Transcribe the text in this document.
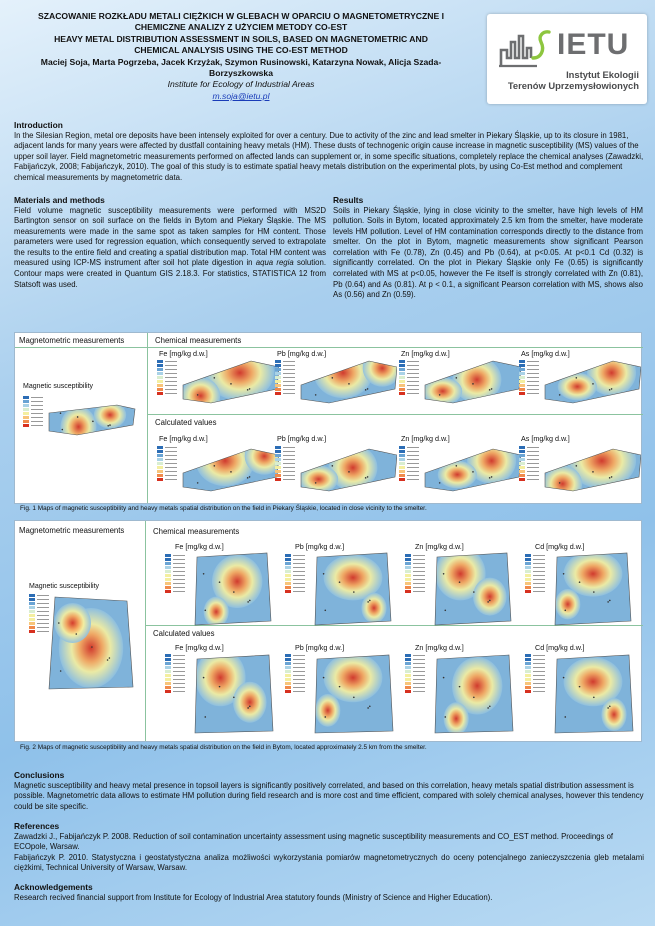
SZACOWANIE ROZKŁADU METALI CIĘŻKICH W GLEBACH W OPARCIU O MAGNETOMETRYCZNE I
CHEMICZNE ANALIZY Z UŻYCIEM METODY CO-EST
HEAVY METAL DISTRIBUTION ASSESSMENT IN SOILS, BASED ON MAGNETOMETRIC AND
CHEMICAL ANALYSIS USING THE CO-EST METHOD
Maciej Soja, Marta Pogrzeba, Jacek Krzyżak, Szymon Rusinowski, Katarzyna Nowak, Alicja Szada-
Borzyszkowska
Institute for Ecology of Industrial Areas
m.soja@ietu.pl
IETU
Instytut Ekologii
Terenów Uprzemysłowionych
Introduction
In the Silesian Region, metal ore deposits have been intensely exploited for over a century. Due to activity of the zinc and lead smelter in Piekary Śląskie, up to its closure in 1981, adjacent lands for many years were affected by dustfall containing heavy metals (HM). These dusts of technogenic origin cause increase in magnetic susceptibility (MS) values of the upper soil layer. Field magnetometric measurements performed on affected lands can supplement or, in some specific situations, completely replace the chemical analyses (Zawadzki, Fabijańczyk, 2008; Fabijańczyk, 2010). The goal of this study is to estimate spatial heavy metals distribution on the experimental plots, by using Co-Est method and complement chemical measurements by magnetometric data.
Materials and methods
Field volume magnetic susceptibility measurements were performed with MS2D Bartington sensor on soil surface on the fields in Bytom and Piekary Śląskie. The MS measurements were made in the same spot as taken samples for HM content. Those parameters were used for regression equation, which consequently served to extrapolate the results to the entire field and creating a spatial distribution map. Total HM content was measured using ICP-MS instrument after soil hot plate digestion in aqua regia solution. Contour maps were created in Quantum GIS 2.18.3. For statistics, STATISTICA 12 from Statsoft was used.
Results
Soils in Piekary Śląskie, lying in close vicinity to the smelter, have high levels of HM pollution. Soils in Bytom, located approximately 2.5 km from the smelter, have moderate levels HM pollution. Level of HM contamination corresponds directly to the distance from smelter. On the plot in Bytom, magnetic measurements show significant Pearson correlation with Fe (0.78), Zn (0.45) and Pb (0.64), at p<0.05. At p<0.1 Cd (0.32) is significantly correlated. On the plot in Piekary Śląskie only Fe (0.65) is significantly correlated with MS at p<0.05, however the Fe itself is strongly correlated with Zn (0.81), Pb (0.64) and As (0.81). At p < 0.1, a significant Pearson correlation with MS, shows also As (0.56) and Zn (0.59).
Magnetometric measurements	Chemical measurements
Calculated values
Magnetic susceptibility
Fe [mg/kg d.w.]
Fe [mg/kg d.w.]
Pb [mg/kg d.w.]
Pb [mg/kg d.w.]
Zn [mg/kg d.w.]
Zn [mg/kg d.w.]
As [mg/kg d.w.]
As [mg/kg d.w.]
Fig. 1 Maps of magnetic susceptibility and heavy metals spatial distribution on the field in Piekary Śląskie, located in close vicinity to the smelter.
Magnetometric measurements	Chemical measurements
Calculated values
Magnetic susceptibility
Fe [mg/kg d.w.]
Fe [mg/kg d.w.]
Pb [mg/kg d.w.]
Pb [mg/kg d.w.]
Zn [mg/kg d.w.]
Zn [mg/kg d.w.]
Cd [mg/kg d.w.]
Cd [mg/kg d.w.]
Fig. 2 Maps of magnetic susceptibility and heavy metals spatial distribution on the field in Bytom, located approximately 2.5 km from the smelter.
Conclusions
Magnetic susceptibility and heavy metal presence in topsoil layers is significantly positively correlated, and based on this correlation, heavy metals spatial distribution assessment is possible. Magnetometric data allows to estimate HM pollution during field research and is more cost and time efficient, compared with solely chemical analyses, however this tendency could be site specific.
References
Zawadzki J., Fabijańczyk P. 2008. Reduction of soil contamination uncertainty assessment using magnetic susceptibility measurements and CO_EST method. Proceedings of ECOpole, Warsaw.
Fabijańczyk P. 2010. Statystyczna i geostatystyczna analiza możliwości wykorzystania pomiarów magnetometrycznych do oceny potencjalnego zanieczyszczenia gleb metalami ciężkimi, Technical University of Warsaw, Warsaw.
Acknowledgements
Research recived financial support from Institute for Ecology of Industrial Area statutory founds (Ministry of Science and Higher Education).
